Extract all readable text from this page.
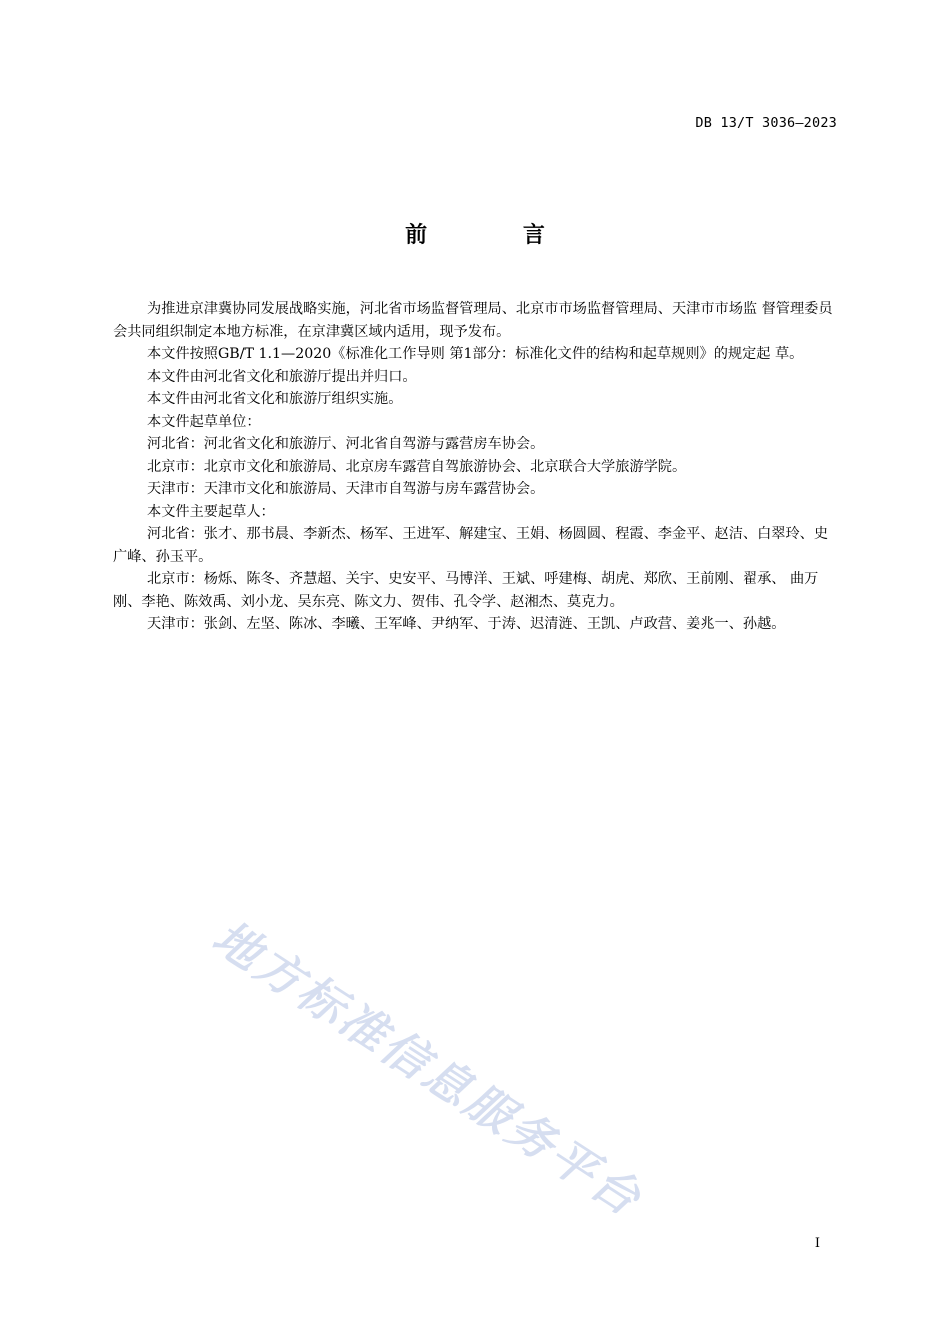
DB 13/T 3036—2023
前 言

为推进京津冀协同发展战略实施，河北省市场监督管理局、北京市市场监督管理局、天津市市场监 督管理委员会共同组织制定本地方标准，在京津冀区域内适用，现予发布。

本文件按照GB/T 1.1—2020《标准化工作导则 第1部分：标准化文件的结构和起草规则》的规定起 草。

本文件由河北省文化和旅游厅提出并归口。

本文件由河北省文化和旅游厅组织实施。

本文件起草单位：

河北省：河北省文化和旅游厅、河北省自驾游与露营房车协会。

北京市：北京市文化和旅游局、北京房车露营自驾旅游协会、北京联合大学旅游学院。

天津市：天津市文化和旅游局、天津市自驾游与房车露营协会。

本文件主要起草人：

河北省：张才、那书晨、李新杰、杨军、王进军、解建宝、王娟、杨圆圆、程霞、李金平、赵洁、白翠玲、史广峰、孙玉平。

北京市：杨烁、陈冬、齐慧超、关宇、史安平、马博洋、王斌、呼建梅、胡虎、郑欣、王前刚、翟承、 曲万刚、李艳、陈效禹、刘小龙、吴东亮、陈文力、贺伟、孔令学、赵湘杰、莫克力。

天津市：张剑、左坚、陈冰、李曦、王军峰、尹纳军、于涛、迟清涟、王凯、卢政营、姜兆一、孙越。

地方标准信息服务平台
I
